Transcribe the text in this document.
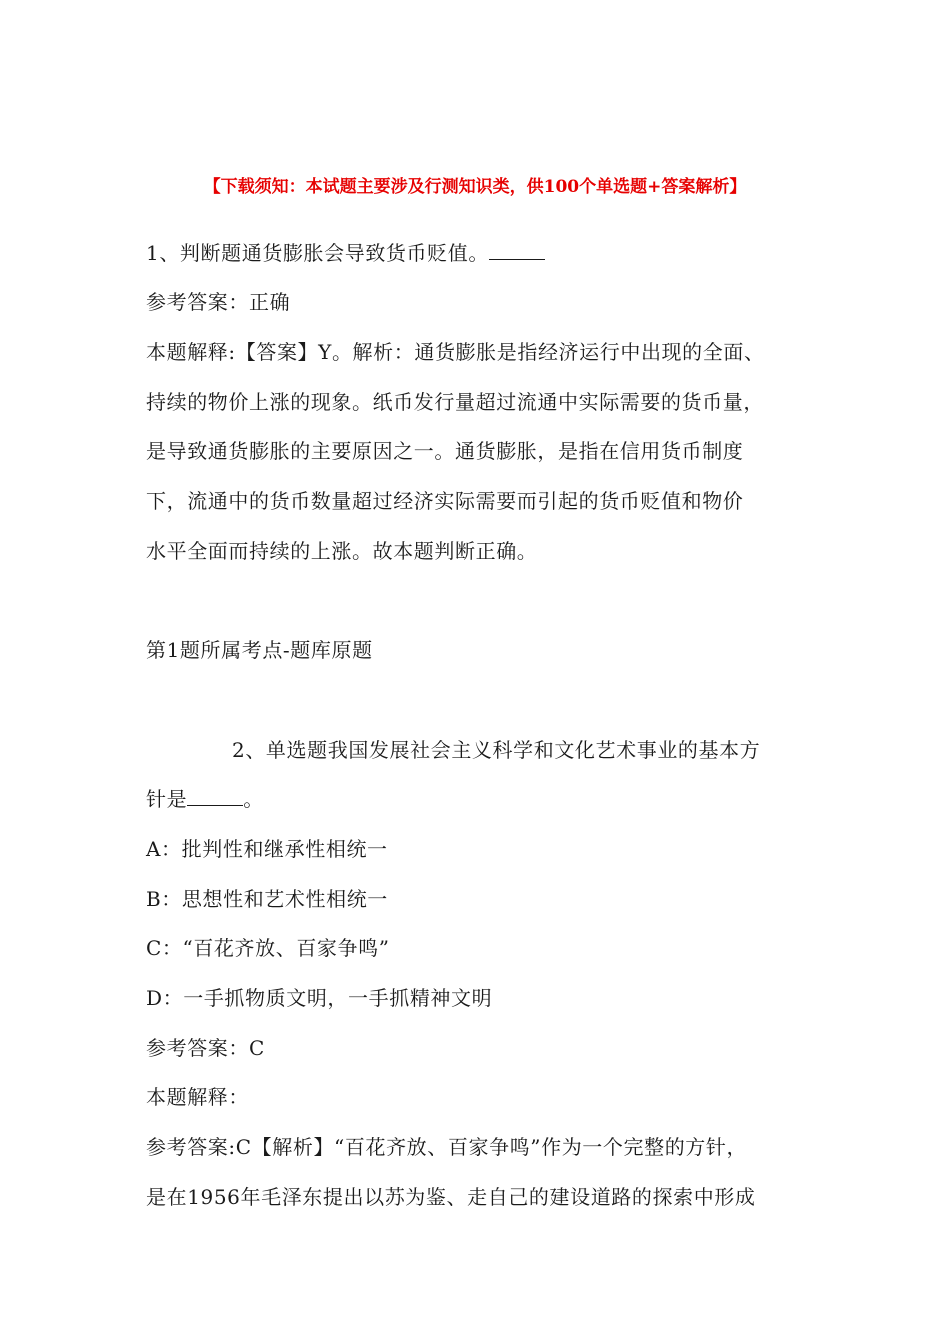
【下载须知：本试题主要涉及行测知识类，供100个单选题+答案解析】
1、判断题通货膨胀会导致货币贬值。
参考答案：正确
本题解释:【答案】Y。解析：通货膨胀是指经济运行中出现的全面、
持续的物价上涨的现象。纸币发行量超过流通中实际需要的货币量，
是导致通货膨胀的主要原因之一。通货膨胀，是指在信用货币制度
下，流通中的货币数量超过经济实际需要而引起的货币贬值和物价
水平全面而持续的上涨。故本题判断正确。
第1题所属考点-题库原题
2、单选题我国发展社会主义科学和文化艺术事业的基本方
针是	。
A：批判性和继承性相统一
B：思想性和艺术性相统一
C：“百花齐放、百家争鸣”
D：一手抓物质文明，一手抓精神文明
参考答案：C
本题解释：
参考答案:C【解析】“百花齐放、百家争鸣”作为一个完整的方针，
是在1956年毛泽东提出以苏为鉴、走自己的建设道路的探索中形成
